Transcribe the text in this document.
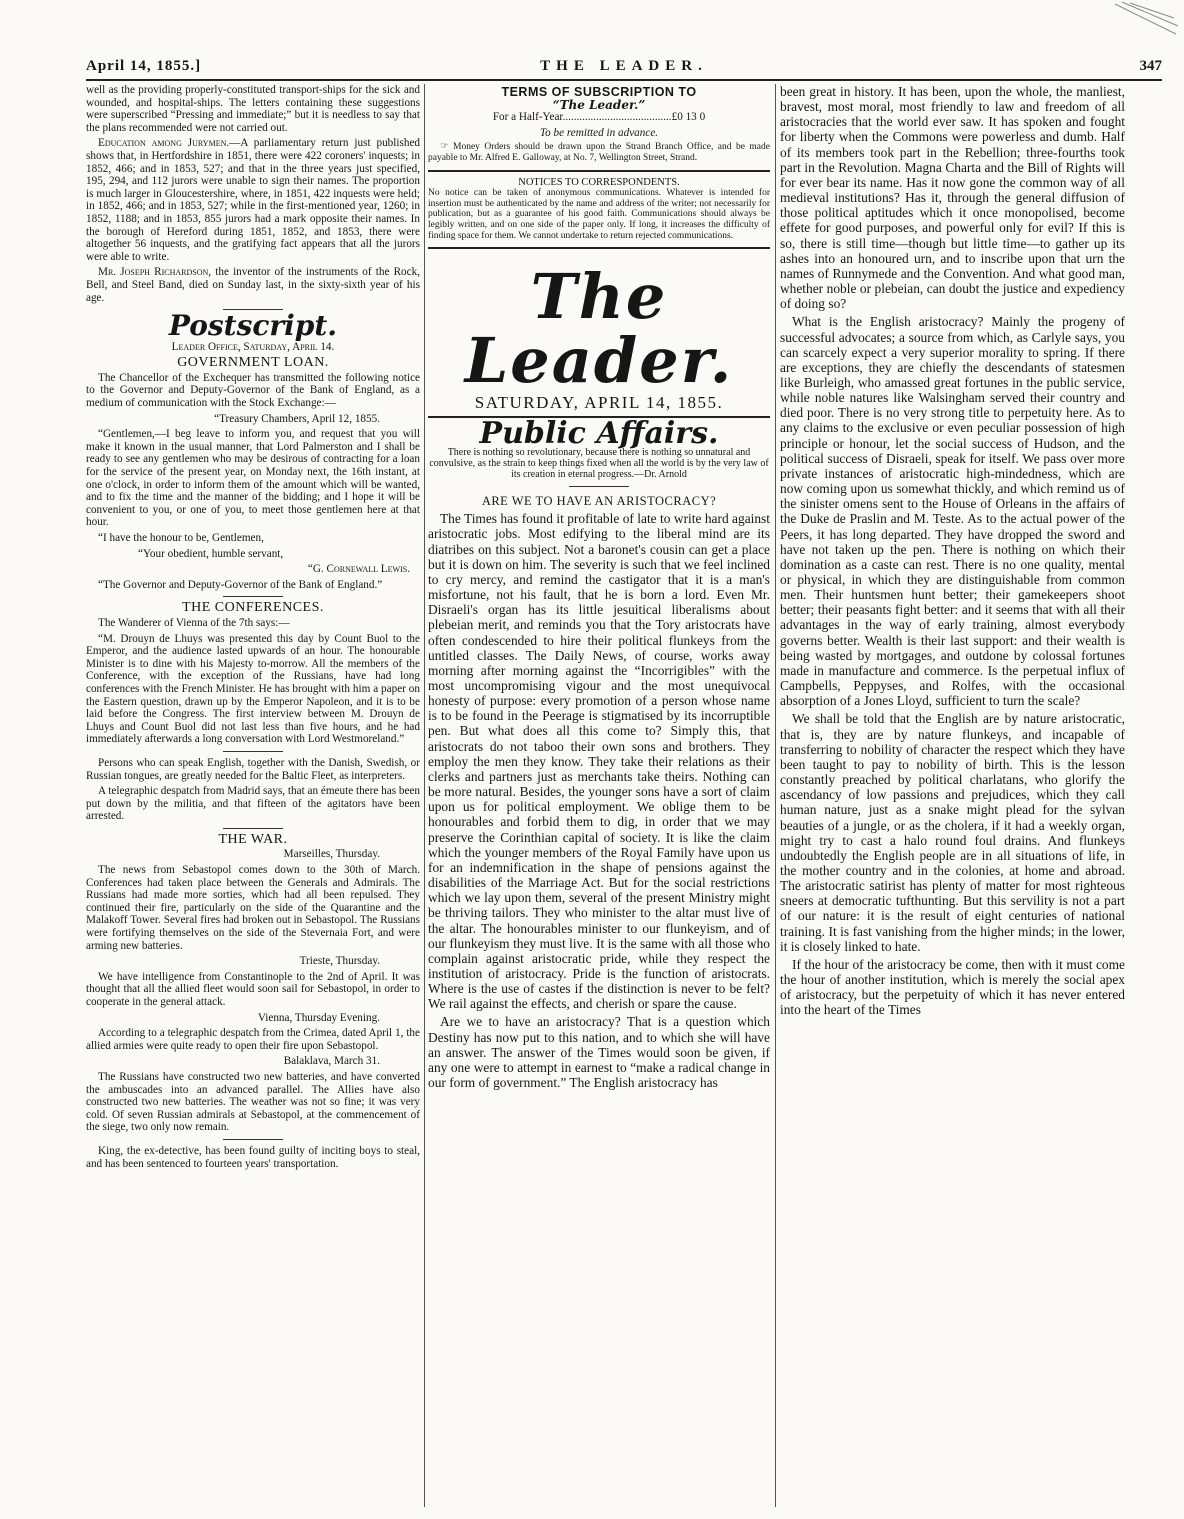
April 14, 1855.]	THE LEADER.	347

well as the providing properly-constituted transport-ships for the sick and wounded, and hospital-ships. The letters containing these suggestions were superscribed “Pressing and immediate;” but it is needless to say that the plans recommended were not carried out.

Education among Jurymen.—A parliamentary return just published shows that, in Hertfordshire in 1851, there were 422 coroners' inquests; in 1852, 466; and in 1853, 527; and that in the three years just specified, 195, 294, and 112 jurors were unable to sign their names. The proportion is much larger in Gloucestershire, where, in 1851, 422 inquests were held; in 1852, 466; and in 1853, 527; while in the first-mentioned year, 1260; in 1852, 1188; and in 1853, 855 jurors had a mark opposite their names. In the borough of Hereford during 1851, 1852, and 1853, there were altogether 56 inquests, and the gratifying fact appears that all the jurors were able to write.

Mr. Joseph Richardson, the inventor of the instruments of the Rock, Bell, and Steel Band, died on Sunday last, in the sixty-sixth year of his age.

Postscript.

Leader Office, Saturday, April 14.

GOVERNMENT LOAN.

The Chancellor of the Exchequer has transmitted the following notice to the Governor and Deputy-Governor of the Bank of England, as a medium of communication with the Stock Exchange:—

“Treasury Chambers, April 12, 1855.

“Gentlemen,—I beg leave to inform you, and request that you will make it known in the usual manner, that Lord Palmerston and I shall be ready to see any gentlemen who may be desirous of contracting for a loan for the service of the present year, on Monday next, the 16th instant, at one o'clock, in order to inform them of the amount which will be wanted, and to fix the time and the manner of the bidding; and I hope it will be convenient to you, or one of you, to meet those gentlemen here at that hour.

“I have the honour to be, Gentlemen,

“Your obedient, humble servant,

“G. Cornewall Lewis.

“The Governor and Deputy-Governor of the Bank of England.”

THE CONFERENCES.

The Wanderer of Vienna of the 7th says:—

“M. Drouyn de Lhuys was presented this day by Count Buol to the Emperor, and the audience lasted upwards of an hour. The honourable Minister is to dine with his Majesty to-morrow. All the members of the Conference, with the exception of the Russians, have had long conferences with the French Minister. He has brought with him a paper on the Eastern question, drawn up by the Emperor Napoleon, and it is to be laid before the Congress. The first interview between M. Drouyn de Lhuys and Count Buol did not last less than five hours, and he had immediately afterwards a long conversation with Lord Westmoreland.”

Persons who can speak English, together with the Danish, Swedish, or Russian tongues, are greatly needed for the Baltic Fleet, as interpreters.

A telegraphic despatch from Madrid says, that an émeute there has been put down by the militia, and that fifteen of the agitators have been arrested.

THE WAR.

Marseilles, Thursday.

The news from Sebastopol comes down to the 30th of March. Conferences had taken place between the Generals and Admirals. The Russians had made more sorties, which had all been repulsed. They continued their fire, particularly on the side of the Quarantine and the Malakoff Tower. Several fires had broken out in Sebastopol. The Russians were fortifying themselves on the side of the Stevernaia Fort, and were arming new batteries.

Trieste, Thursday.

We have intelligence from Constantinople to the 2nd of April. It was thought that all the allied fleet would soon sail for Sebastopol, in order to cooperate in the general attack.

Vienna, Thursday Evening.

According to a telegraphic despatch from the Crimea, dated April 1, the allied armies were quite ready to open their fire upon Sebastopol.

Balaklava, March 31.

The Russians have constructed two new batteries, and have converted the ambuscades into an advanced parallel. The Allies have also constructed two new batteries. The weather was not so fine; it was very cold. Of seven Russian admirals at Sebastopol, at the commencement of the siege, two only now remain.

King, the ex-detective, has been found guilty of inciting boys to steal, and has been sentenced to fourteen years' transportation.

TERMS OF SUBSCRIPTION TO
“The Leader.”

For a Half-Year.......................................£0 13 0

To be remitted in advance.

☞ Money Orders should be drawn upon the Strand Branch Office, and be made payable to Mr. Alfred E. Galloway, at No. 7, Wellington Street, Strand.

NOTICES TO CORRESPONDENTS.

No notice can be taken of anonymous communications. Whatever is intended for insertion must be authenticated by the name and address of the writer; not necessarily for publication, but as a guarantee of his good faith. Communications should always be legibly written, and on one side of the paper only. If long, it increases the difficulty of finding space for them. We cannot undertake to return rejected communications.

The Leader.
SATURDAY, APRIL 14, 1855.
Public Affairs.

There is nothing so revolutionary, because there is nothing so unnatural and convulsive, as the strain to keep things fixed when all the world is by the very law of its creation in eternal progress.—Dr. Arnold

ARE WE TO HAVE AN ARISTOCRACY?

The Times has found it profitable of late to write hard against aristocratic jobs. Most edifying to the liberal mind are its diatribes on this subject. Not a baronet's cousin can get a place but it is down on him. The severity is such that we feel inclined to cry mercy, and remind the castigator that it is a man's misfortune, not his fault, that he is born a lord. Even Mr. Disraeli's organ has its little jesuitical liberalisms about plebeian merit, and reminds you that the Tory aristocrats have often condescended to hire their political flunkeys from the untitled classes. The Daily News, of course, works away morning after morning against the “Incorrigibles” with the most uncompromising vigour and the most unequivocal honesty of purpose: every promotion of a person whose name is to be found in the Peerage is stigmatised by its incorruptible pen. But what does all this come to? Simply this, that aristocrats do not taboo their own sons and brothers. They employ the men they know. They take their relations as their clerks and partners just as merchants take theirs. Nothing can be more natural. Besides, the younger sons have a sort of claim upon us for political employment. We oblige them to be honourables and forbid them to dig, in order that we may preserve the Corinthian capital of society. It is like the claim which the younger members of the Royal Family have upon us for an indemnification in the shape of pensions against the disabilities of the Marriage Act. But for the social restrictions which we lay upon them, several of the present Ministry might be thriving tailors. They who minister to the altar must live of the altar. The honourables minister to our flunkeyism, and of our flunkeyism they must live. It is the same with all those who complain against aristocratic pride, while they respect the institution of aristocracy. Pride is the function of aristocrats. Where is the use of castes if the distinction is never to be felt? We rail against the effects, and cherish or spare the cause.

Are we to have an aristocracy? That is a question which Destiny has now put to this nation, and to which she will have an answer. The answer of the Times would soon be given, if any one were to attempt in earnest to “make a radical change in our form of government.” The English aristocracy has

been great in history. It has been, upon the whole, the manliest, bravest, most moral, most friendly to law and freedom of all aristocracies that the world ever saw. It has spoken and fought for liberty when the Commons were powerless and dumb. Half of its members took part in the Rebellion; three-fourths took part in the Revolution. Magna Charta and the Bill of Rights will for ever bear its name. Has it now gone the common way of all medieval institutions? Has it, through the general diffusion of those political aptitudes which it once monopolised, become effete for good purposes, and powerful only for evil? If this is so, there is still time—though but little time—to gather up its ashes into an honoured urn, and to inscribe upon that urn the names of Runnymede and the Convention. And what good man, whether noble or plebeian, can doubt the justice and expediency of doing so?

What is the English aristocracy? Mainly the progeny of successful advocates; a source from which, as Carlyle says, you can scarcely expect a very superior morality to spring. If there are exceptions, they are chiefly the descendants of statesmen like Burleigh, who amassed great fortunes in the public service, while noble natures like Walsingham served their country and died poor. There is no very strong title to perpetuity here. As to any claims to the exclusive or even peculiar possession of high principle or honour, let the social success of Hudson, and the political success of Disraeli, speak for itself. We pass over more private instances of aristocratic high-mindedness, which are now coming upon us somewhat thickly, and which remind us of the sinister omens sent to the House of Orleans in the affairs of the Duke de Praslin and M. Teste. As to the actual power of the Peers, it has long departed. They have dropped the sword and have not taken up the pen. There is nothing on which their domination as a caste can rest. There is no one quality, mental or physical, in which they are distinguishable from common men. Their huntsmen hunt better; their gamekeepers shoot better; their peasants fight better: and it seems that with all their advantages in the way of early training, almost everybody governs better. Wealth is their last support: and their wealth is being wasted by mortgages, and outdone by colossal fortunes made in manufacture and commerce. Is the perpetual influx of Campbells, Peppyses, and Rolfes, with the occasional absorption of a Jones Lloyd, sufficient to turn the scale?

We shall be told that the English are by nature aristocratic, that is, they are by nature flunkeys, and incapable of transferring to nobility of character the respect which they have been taught to pay to nobility of birth. This is the lesson constantly preached by political charlatans, who glorify the ascendancy of low passions and prejudices, which they call human nature, just as a snake might plead for the sylvan beauties of a jungle, or as the cholera, if it had a weekly organ, might try to cast a halo round foul drains. And flunkeys undoubtedly the English people are in all situations of life, in the mother country and in the colonies, at home and abroad. The aristocratic satirist has plenty of matter for most righteous sneers at democratic tufthunting. But this servility is not a part of our nature: it is the result of eight centuries of national training. It is fast vanishing from the higher minds; in the lower, it is closely linked to hate.

If the hour of the aristocracy be come, then with it must come the hour of another institution, which is merely the social apex of aristocracy, but the perpetuity of which it has never entered into the heart of the Times
